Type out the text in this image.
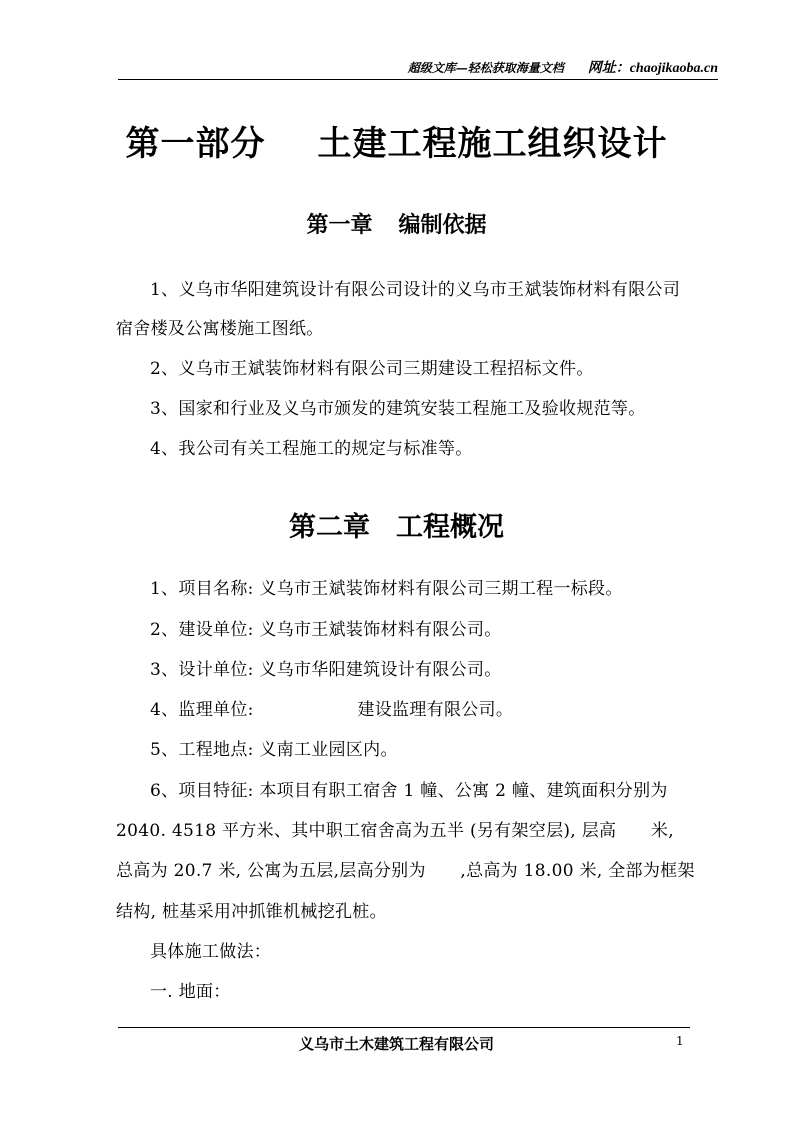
超级文库—轻松获取海量文档 网址：chaojikaoba.cn
第一部分 土建工程施工组织设计
第一章 编制依据
1、义乌市华阳建筑设计有限公司设计的义乌市王斌装饰材料有限公司
宿舍楼及公寓楼施工图纸。
2、义乌市王斌装饰材料有限公司三期建设工程招标文件。
3、国家和行业及义乌市颁发的建筑安装工程施工及验收规范等。
4、我公司有关工程施工的规定与标准等。
第二章 工程概况
1、项目名称: 义乌市王斌装饰材料有限公司三期工程一标段。
2、建设单位: 义乌市王斌装饰材料有限公司。
3、设计单位: 义乌市华阳建筑设计有限公司。
4、监理单位:　　　　　　建设监理有限公司。
5、工程地点: 义南工业园区内。
6、项目特征: 本项目有职工宿舍 1 幢、公寓 2 幢、建筑面积分别为
2040. 4518 平方米、其中职工宿舍高为五半 (另有架空层), 层高　　米,
总高为 20.7 米, 公寓为五层,层高分别为　　,总高为 18.00 米, 全部为框架
结构, 桩基采用冲抓锥机械挖孔桩。
具体施工做法：
一. 地面：
义乌市土木建筑工程有限公司	1
